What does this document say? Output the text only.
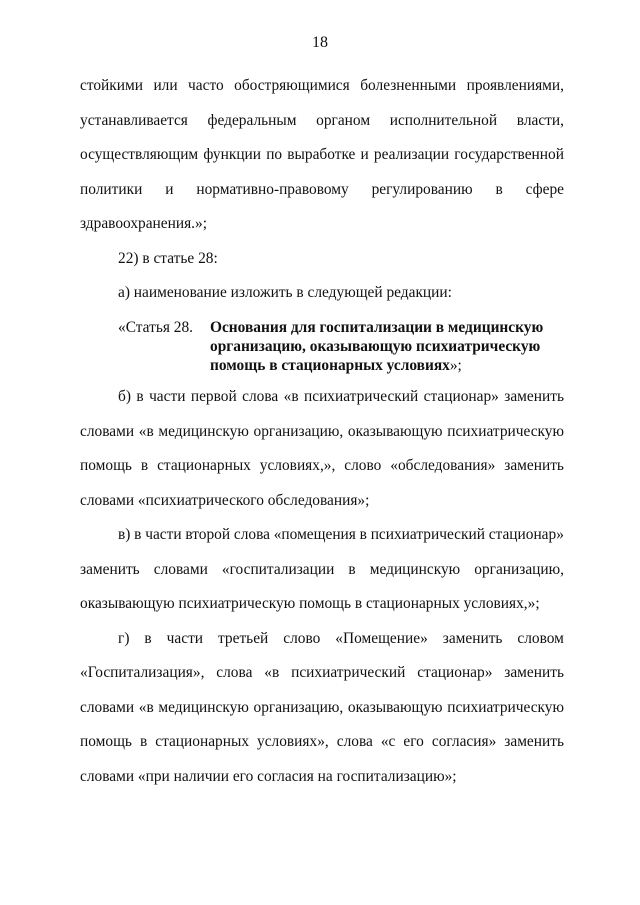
18
стойкими или часто обостряющимися болезненными проявлениями,
устанавливается федеральным органом исполнительной власти,
осуществляющим функции по выработке и реализации государственной
политики и нормативно-правовому регулированию в сфере
здравоохранения.»;
22) в статье 28:
а) наименование изложить в следующей редакции:
«Статья 28. Основания для госпитализации в медицинскую организацию, оказывающую психиатрическую помощь в стационарных условиях»;
б) в части первой слова «в психиатрический стационар» заменить
словами «в медицинскую организацию, оказывающую психиатрическую
помощь в стационарных условиях,», слово «обследования» заменить
словами «психиатрического обследования»;
в) в части второй слова «помещения в психиатрический стационар»
заменить словами «госпитализации в медицинскую организацию,
оказывающую психиатрическую помощь в стационарных условиях,»;
г) в части третьей слово «Помещение» заменить словом
«Госпитализация», слова «в психиатрический стационар» заменить
словами «в медицинскую организацию, оказывающую психиатрическую
помощь в стационарных условиях», слова «с его согласия» заменить
словами «при наличии его согласия на госпитализацию»;
